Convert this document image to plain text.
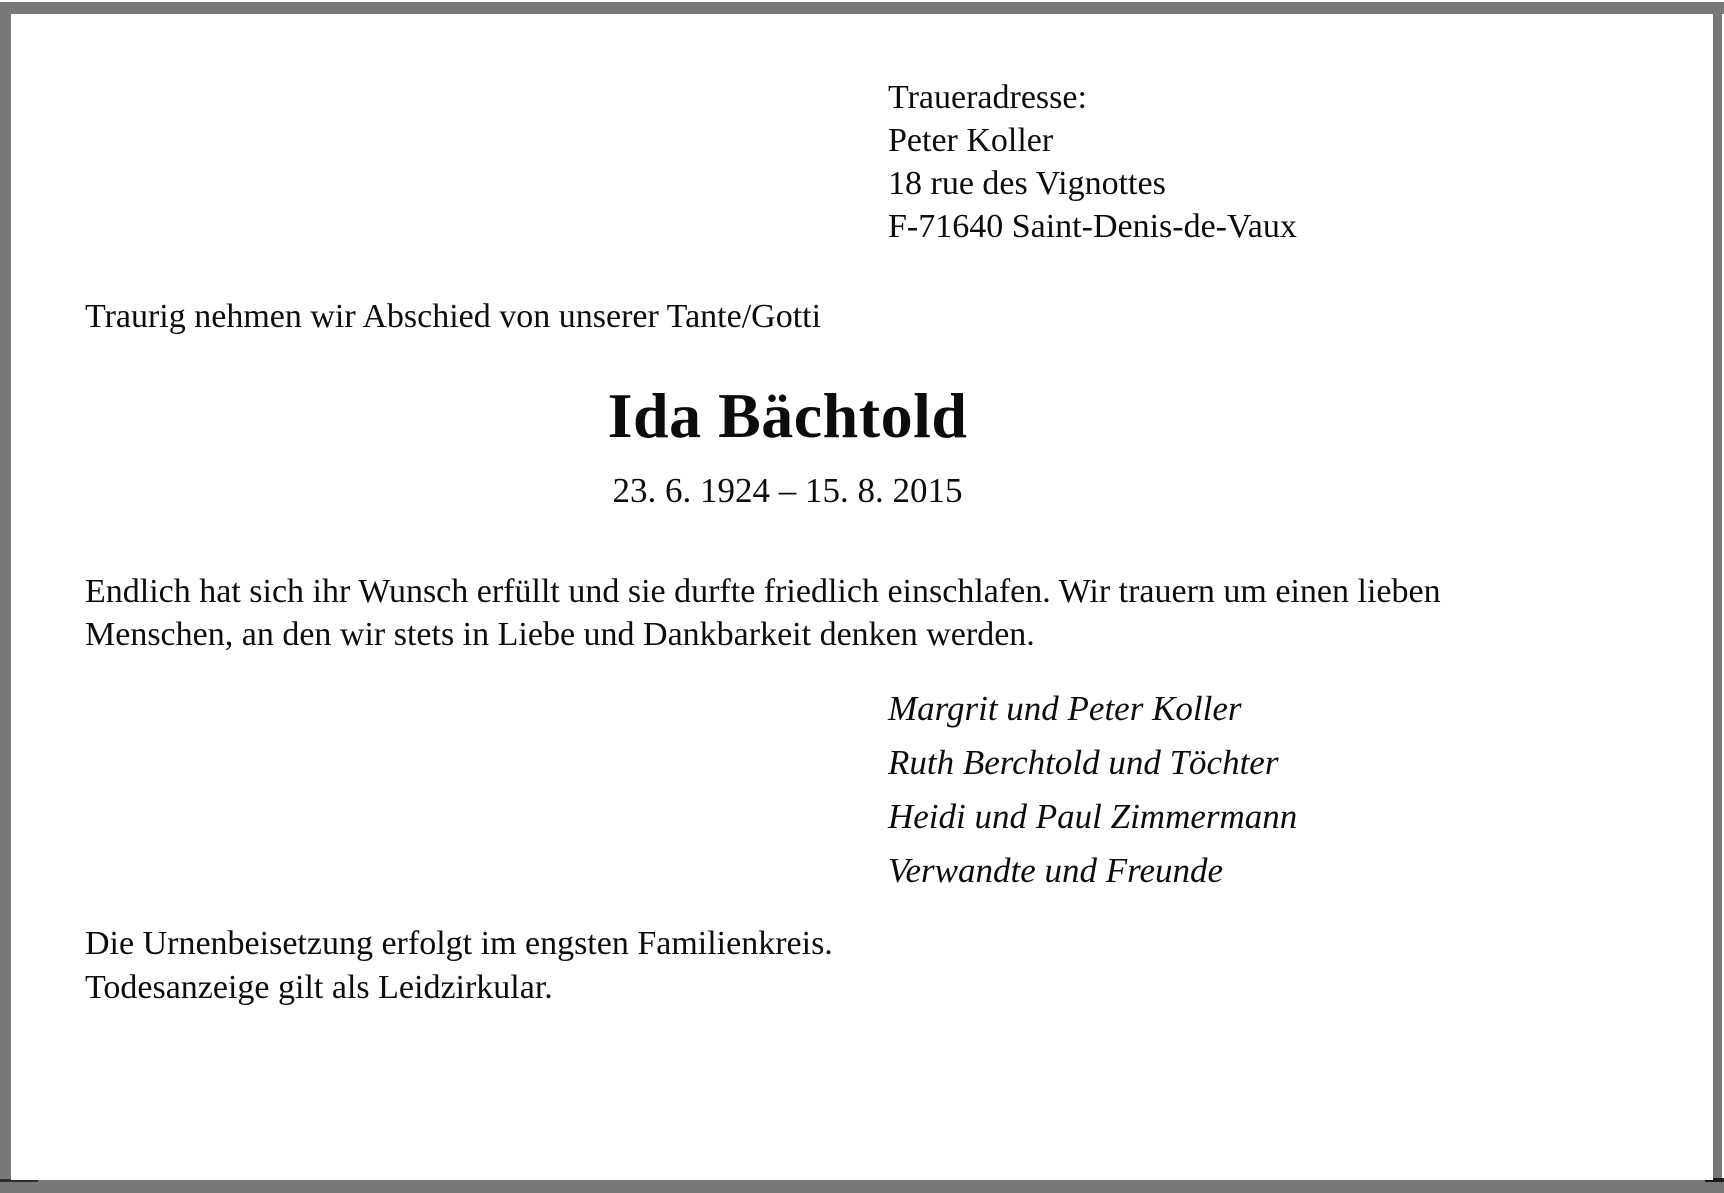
Traueradresse:
Peter Koller
18 rue des Vignottes
F-71640 Saint-Denis-de-Vaux
Traurig nehmen wir Abschied von unserer Tante/Gotti
Ida Bächtold
23. 6. 1924 – 15. 8. 2015
Endlich hat sich ihr Wunsch erfüllt und sie durfte friedlich einschlafen. Wir trauern um einen lieben Menschen, an den wir stets in Liebe und Dankbarkeit denken werden.
Margrit und Peter Koller
Ruth Berchtold und Töchter
Heidi und Paul Zimmermann
Verwandte und Freunde
Die Urnenbeisetzung erfolgt im engsten Familienkreis.
Todesanzeige gilt als Leidzirkular.
